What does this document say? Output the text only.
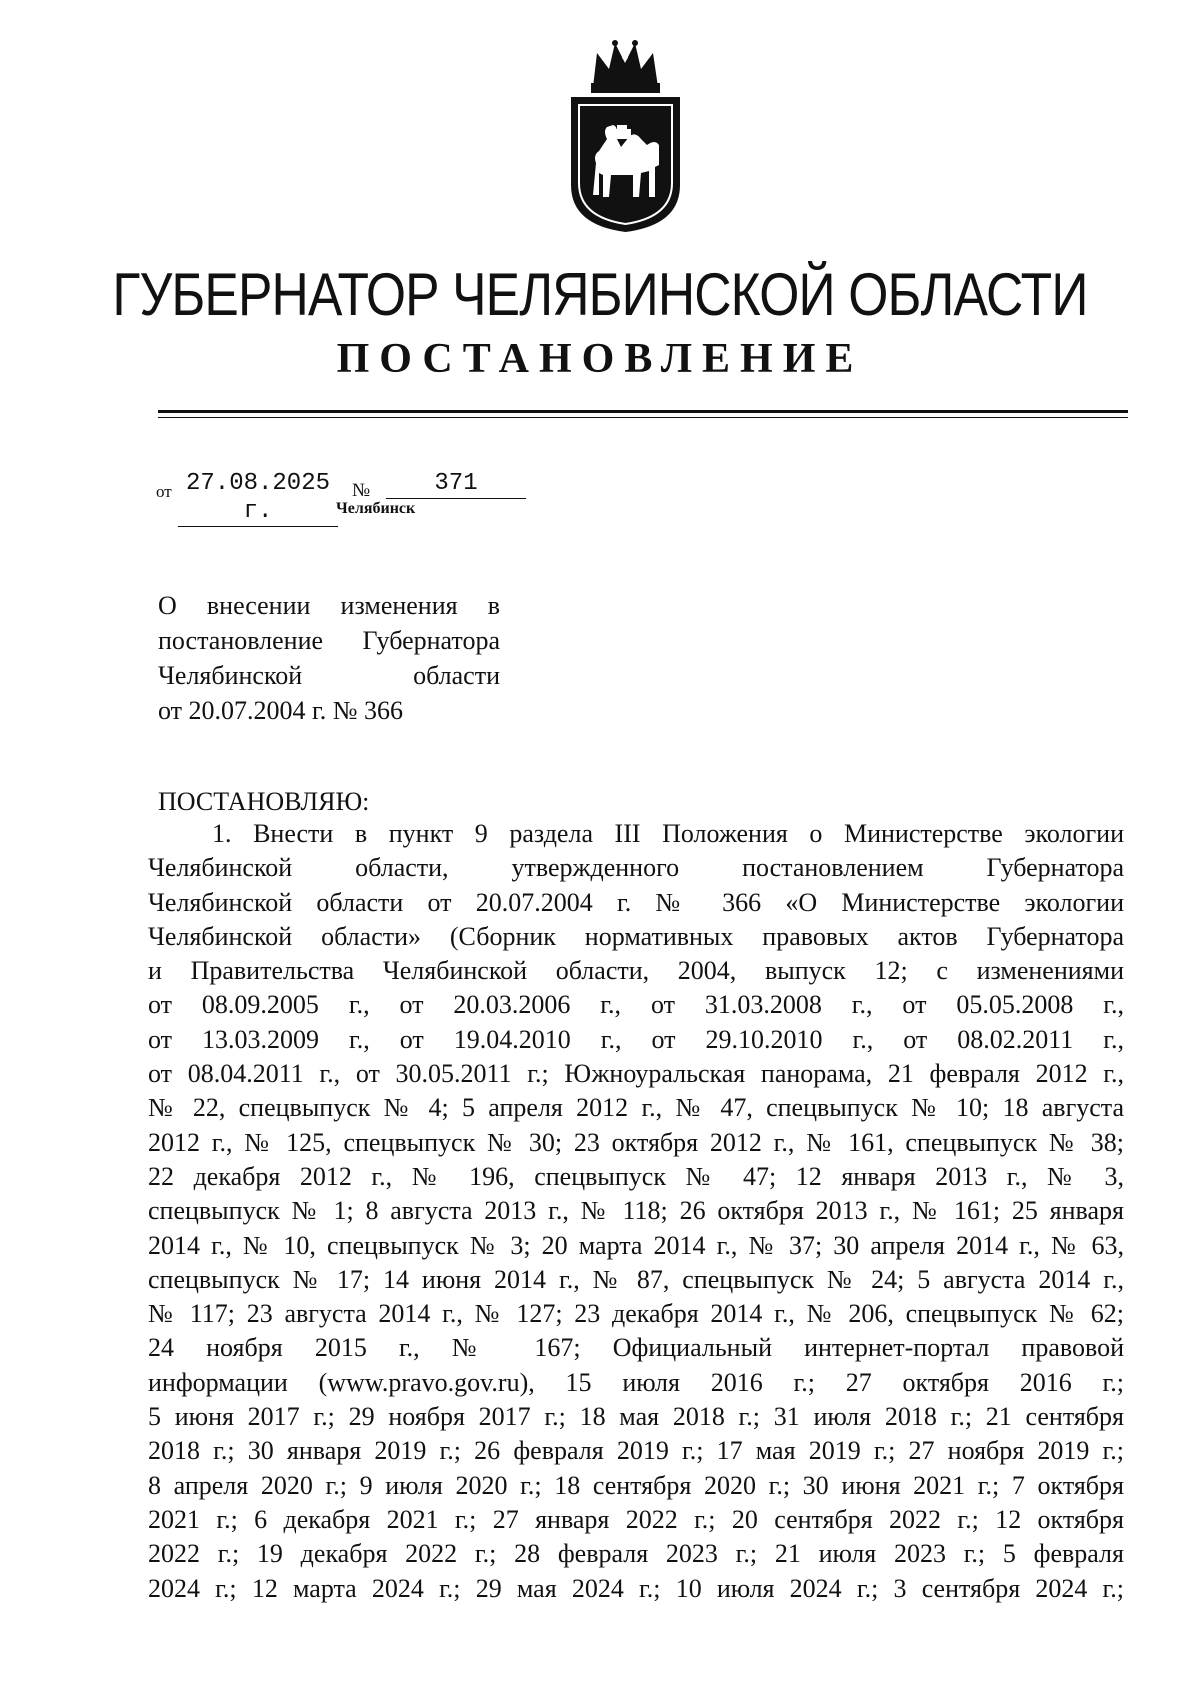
ГУБЕРНАТОР ЧЕЛЯБИНСКОЙ ОБЛАСТИ
ПОСТАНОВЛЕНИЕ
от 27.08.2025 г.
№	371
Челябинск
О внесении изменения в
постановление Губернатора
Челябинской области
от 20.07.2004 г. № 366
ПОСТАНОВЛЯЮ:
1. Внести в пункт 9 раздела III Положения о Министерстве экологии
Челябинской области, утвержденного постановлением Губернатора
Челябинской области от 20.07.2004 г. № 366 «О Министерстве экологии
Челябинской области» (Сборник нормативных правовых актов Губернатора
и Правительства Челябинской области, 2004, выпуск 12; с изменениями
от 08.09.2005 г., от 20.03.2006 г., от 31.03.2008 г., от 05.05.2008 г.,
от 13.03.2009 г., от 19.04.2010 г., от 29.10.2010 г., от 08.02.2011 г.,
от 08.04.2011 г., от 30.05.2011 г.; Южноуральская панорама, 21 февраля 2012 г.,
№ 22, спецвыпуск № 4; 5 апреля 2012 г., № 47, спецвыпуск № 10; 18 августа
2012 г., № 125, спецвыпуск № 30; 23 октября 2012 г., № 161, спецвыпуск № 38;
22 декабря 2012 г., № 196, спецвыпуск № 47; 12 января 2013 г., № 3,
спецвыпуск № 1; 8 августа 2013 г., № 118; 26 октября 2013 г., № 161; 25 января
2014 г., № 10, спецвыпуск № 3; 20 марта 2014 г., № 37; 30 апреля 2014 г., № 63,
спецвыпуск № 17; 14 июня 2014 г., № 87, спецвыпуск № 24; 5 августа 2014 г.,
№ 117; 23 августа 2014 г., № 127; 23 декабря 2014 г., № 206, спецвыпуск № 62;
24 ноября 2015 г., № 167; Официальный интернет-портал правовой
информации (www.pravo.gov.ru), 15 июля 2016 г.; 27 октября 2016 г.;
5 июня 2017 г.; 29 ноября 2017 г.; 18 мая 2018 г.; 31 июля 2018 г.; 21 сентября
2018 г.; 30 января 2019 г.; 26 февраля 2019 г.; 17 мая 2019 г.; 27 ноября 2019 г.;
8 апреля 2020 г.; 9 июля 2020 г.; 18 сентября 2020 г.; 30 июня 2021 г.; 7 октября
2021 г.; 6 декабря 2021 г.; 27 января 2022 г.; 20 сентября 2022 г.; 12 октября
2022 г.; 19 декабря 2022 г.; 28 февраля 2023 г.; 21 июля 2023 г.; 5 февраля
2024 г.; 12 марта 2024 г.; 29 мая 2024 г.; 10 июля 2024 г.; 3 сентября 2024 г.;
